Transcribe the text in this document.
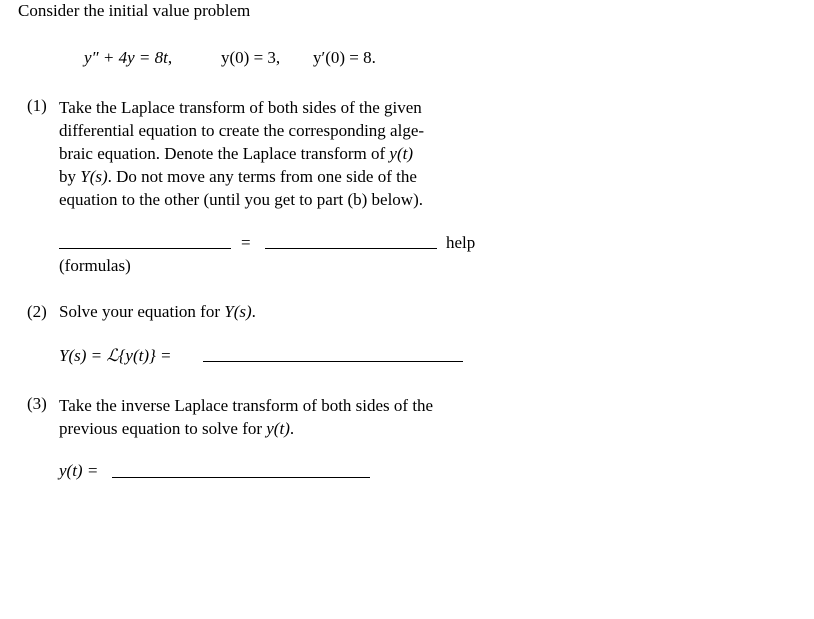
Consider the initial value problem
y″ + 4y = 8t,	y(0) = 3, y′(0) = 8.
(1) Take the Laplace transform of both sides of the given
differential equation to create the corresponding alge-
braic equation. Denote the Laplace transform of y(t)
by Y(s). Do not move any terms from one side of the
equation to the other (until you get to part (b) below).
=	help
(formulas)
(2) Solve your equation for Y(s).
Y(s) = ℒ{y(t)} =
(3) Take the inverse Laplace transform of both sides of the
previous equation to solve for y(t).
y(t) =
